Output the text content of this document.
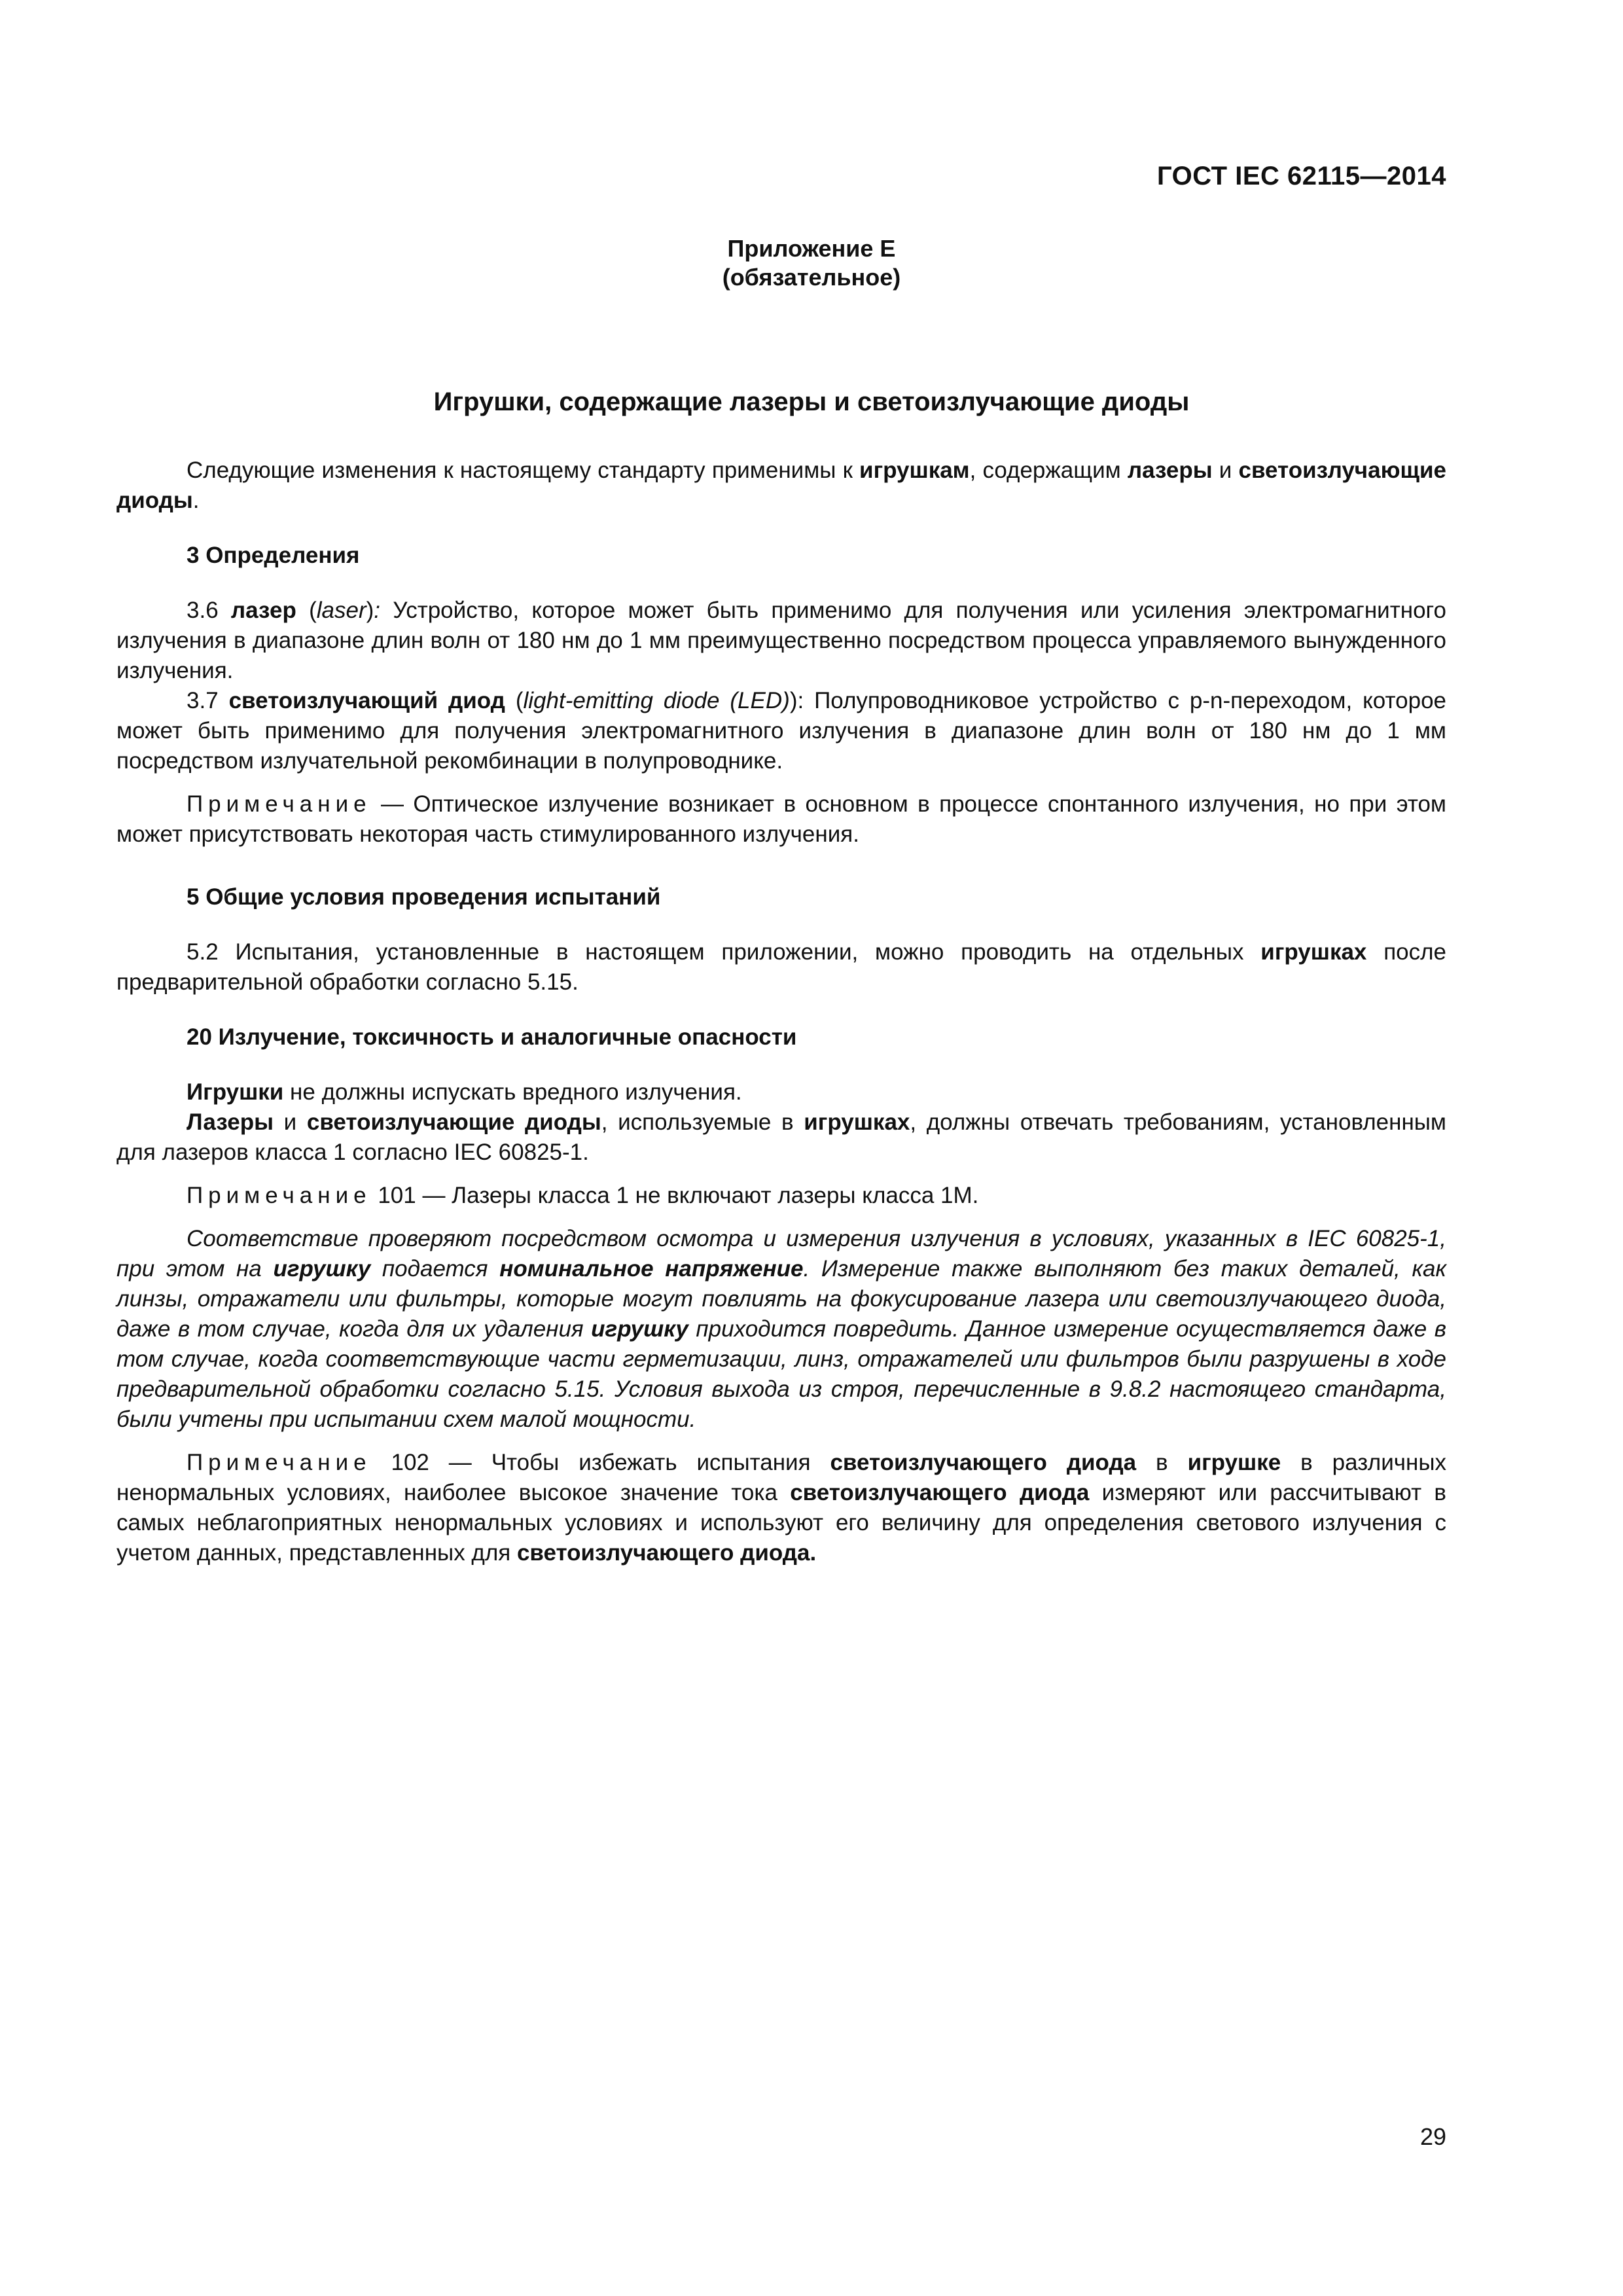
ГОСТ IEC 62115—2014
Приложение Е
(обязательное)
Игрушки, содержащие лазеры и светоизлучающие диоды

Следующие изменения к настоящему стандарту применимы к игрушкам, содержащим лазеры и светоизлучающие диоды.

3 Определения

3.6 лазер (laser): Устройство, которое может быть применимо для получения или усиления электромагнитного излучения в диапазоне длин волн от 180 нм до 1 мм преимущественно посредством процесса управляемого вынужденного излучения.

3.7 светоизлучающий диод (light-emitting diode (LED)): Полупроводниковое устройство с р-n-переходом, которое может быть применимо для получения электромагнитного излучения в диапазоне длин волн от 180 нм до 1 мм посредством излучательной рекомбинации в полупроводнике.

Примечание — Оптическое излучение возникает в основном в процессе спонтанного излучения, но при этом может присутствовать некоторая часть стимулированного излучения.

5 Общие условия проведения испытаний

5.2 Испытания, установленные в настоящем приложении, можно проводить на отдельных игрушках после предварительной обработки согласно 5.15.

20 Излучение, токсичность и аналогичные опасности

Игрушки не должны испускать вредного излучения.

Лазеры и светоизлучающие диоды, используемые в игрушках, должны отвечать требованиям, установленным для лазеров класса 1 согласно IEC 60825-1.

Примечание 101 — Лазеры класса 1 не включают лазеры класса 1М.

Соответствие проверяют посредством осмотра и измерения излучения в условиях, указанных в IEC 60825-1, при этом на игрушку подается номинальное напряжение. Измерение также выполняют без таких деталей, как линзы, отражатели или фильтры, которые могут повлиять на фокусирование лазера или светоизлучающего диода, даже в том случае, когда для их удаления игрушку приходится повредить. Данное измерение осуществляется даже в том случае, когда соответствующие части герметизации, линз, отражателей или фильтров были разрушены в ходе предварительной обработки согласно 5.15. Условия выхода из строя, перечисленные в 9.8.2 настоящего стандарта, были учтены при испытании схем малой мощности.

Примечание 102 — Чтобы избежать испытания светоизлучающего диода в игрушке в различных ненормальных условиях, наиболее высокое значение тока светоизлучающего диода измеряют или рассчитывают в самых неблагоприятных ненормальных условиях и используют его величину для определения светового излучения с учетом данных, представленных для светоизлучающего диода.

29
